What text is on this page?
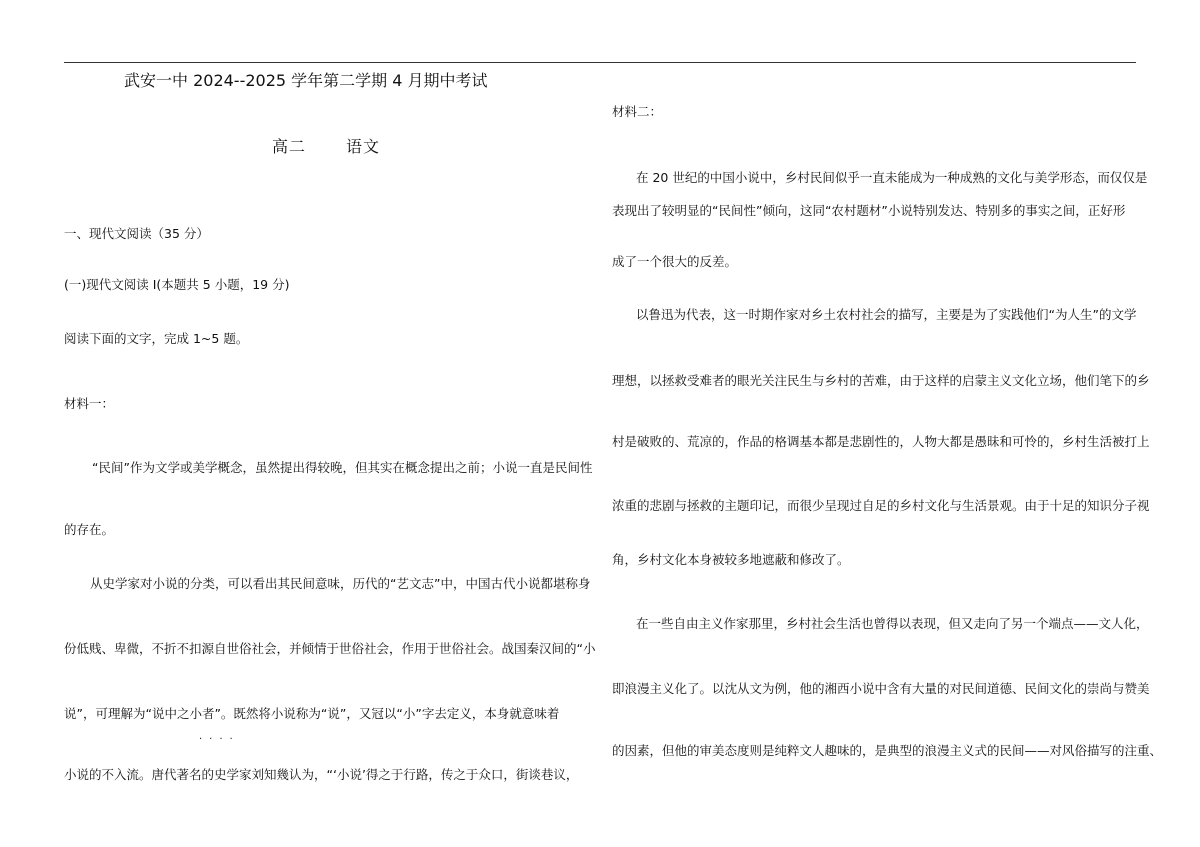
武安一中 2024--2025 学年第二学期 4 月期中考试
高二 语文
一、现代文阅读（35 分）
(一)现代文阅读 I(本题共 5 小题，19 分)
阅读下面的文字，完成 1~5 题。
材料一：
“民间”作为文学或美学概念，虽然提出得较晚，但其实在概念提出之前；小说一直是民间性
的存在。
从史学家对小说的分类，可以看出其民间意味，历代的“艺文志”中，中国古代小说都堪称身
份低贱、卑微，不折不扣源自世俗社会，并倾情于世俗社会，作用于世俗社会。战国秦汉间的“小
说”，可理解为“说中之小者”。既然将小说称为“说”，又冠以“小”字去定义，本身就意味着
····
小说的不入流。唐代著名的史学家刘知幾认为，“‘小说’得之于行路，传之于众口，街谈巷议，
材料二：
在 20 世纪的中国小说中，乡村民间似乎一直未能成为一种成熟的文化与美学形态，而仅仅是
表现出了较明显的“民间性”倾向，这同“农村题材”小说特别发达、特别多的事实之间，正好形
成了一个很大的反差。
以鲁迅为代表，这一时期作家对乡土农村社会的描写，主要是为了实践他们“为人生”的文学
理想，以拯救受难者的眼光关注民生与乡村的苦难，由于这样的启蒙主义文化立场，他们笔下的乡
村是破败的、荒凉的，作品的格调基本都是悲剧性的，人物大都是愚昧和可怜的，乡村生活被打上
浓重的悲剧与拯救的主题印记，而很少呈现过自足的乡村文化与生活景观。由于十足的知识分子视
角，乡村文化本身被较多地遮蔽和修改了。
在一些自由主义作家那里，乡村社会生活也曾得以表现，但又走向了另一个端点——文人化，
即浪漫主义化了。以沈从文为例，他的湘西小说中含有大量的对民间道德、民间文化的崇尚与赞美
的因素，但他的审美态度则是纯粹文人趣味的，是典型的浪漫主义式的民间——对风俗描写的注重、
